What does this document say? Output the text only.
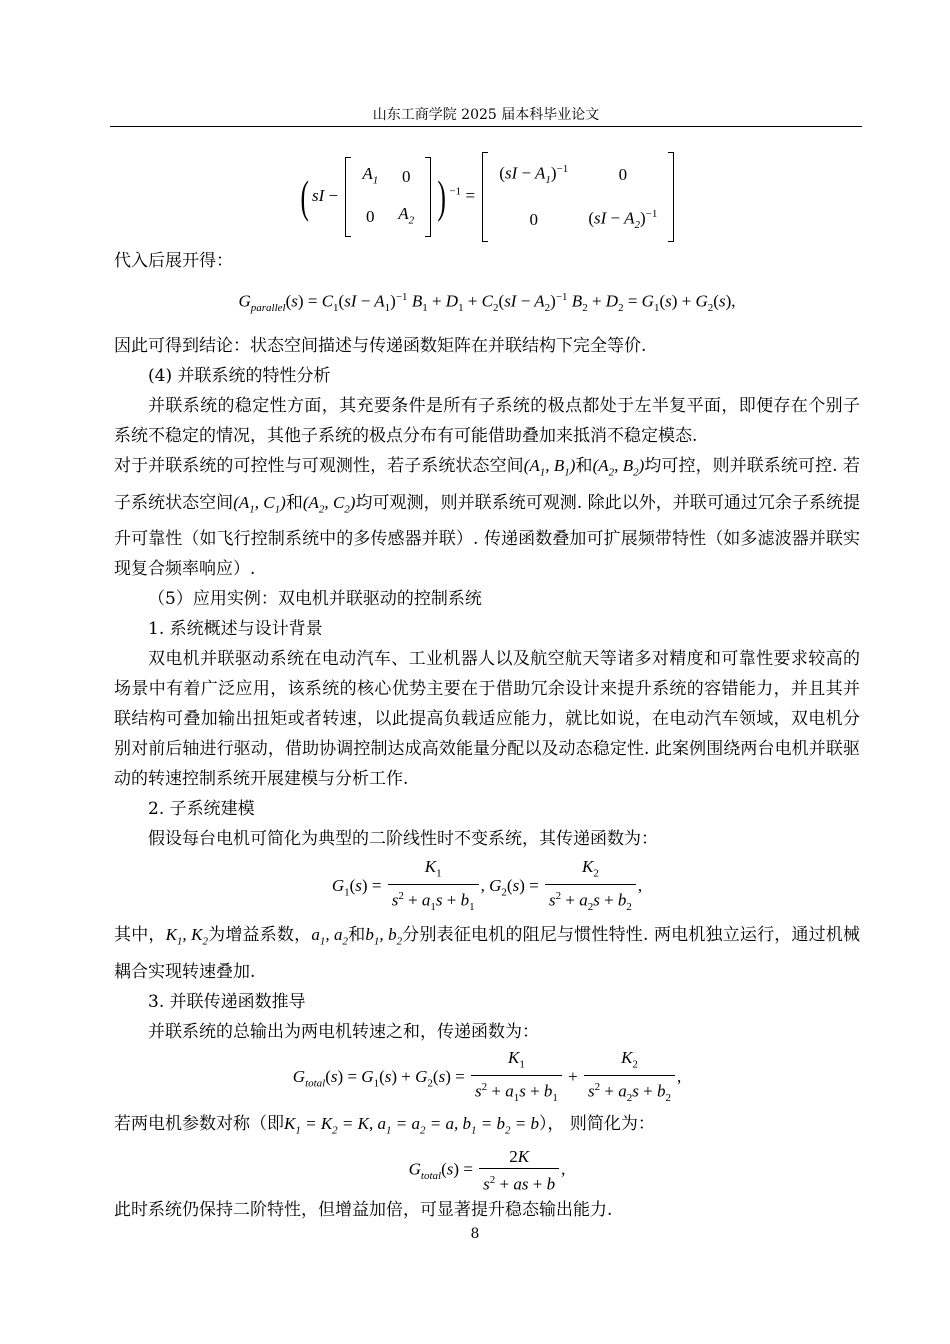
山东工商学院 2025 届本科毕业论文
( sI −
$A_1$	0
0	$A_2$ ) $^{-1}$ =
$(sI - A_1)^{-1}$	0
0	$(sI - A_2)^{-1}$

代入后展开得：

$G_{parallel}(s) = C_1(sI - A_1)^{-1}$ $B_1 + D_1 + C_2(sI - A_2)^{-1}$ $B_2 + D_2 = G_1(s) + G_2(s)$,

因此可得到结论：状态空间描述与传递函数矩阵在并联结构下完全等价.

(4) 并联系统的特性分析

并联系统的稳定性方面，其充要条件是所有子系统的极点都处于左半复平面，即便存在个别子系统不稳定的情况，其他子系统的极点分布有可能借助叠加来抵消不稳定模态.

对于并联系统的可控性与可观测性，若子系统状态空间($A_1$, $B_1$)和($A_2$, $B_2$)均可控，则并联系统可控. 若子系统状态空间($A_1$, $C_1$)和($A_2$, $C_2$)均可观测，则并联系统可观测. 除此以外，并联可通过冗余子系统提升可靠性（如飞行控制系统中的多传感器并联）. 传递函数叠加可扩展频带特性（如多滤波器并联实现复合频率响应）.

（5）应用实例：双电机并联驱动的控制系统

1. 系统概述与设计背景

双电机并联驱动系统在电动汽车、工业机器人以及航空航天等诸多对精度和可靠性要求较高的场景中有着广泛应用，该系统的核心优势主要在于借助冗余设计来提升系统的容错能力，并且其并联结构可叠加输出扭矩或者转速，以此提高负载适应能力，就比如说，在电动汽车领域，双电机分别对前后轴进行驱动，借助协调控制达成高效能量分配以及动态稳定性. 此案例围绕两台电机并联驱动的转速控制系统开展建模与分析工作.

2. 子系统建模

假设每台电机可简化为典型的二阶线性时不变系统，其传递函数为：

$G_1(s) = \frac{K_1}{s^2 + a_1s + b_1}$ , $G_2(s) = \frac{K_2}{s^2 + a_2s + b_2}$ ,

其中，$K_1$, $K_2$为增益系数，$a_1$, $a_2$和$b_1$, $b_2$分别表征电机的阻尼与惯性特性. 两电机独立运行，通过机械耦合实现转速叠加.

3. 并联传递函数推导

并联系统的总输出为两电机转速之和，传递函数为：

$G_{total}(s) = G_1(s) + G_2(s) = \frac{K_1}{s^2 + a_1s + b_1} + \frac{K_2}{s^2 + a_2s + b_2}$ ,

若两电机参数对称（即$K_1 = K_2 = K$, $a_1 = a_2 = a$, $b_1 = b_2 = b$）， 则简化为：

$G_{total}(s) = \frac{2K}{s^2 + as + b}$ ,

此时系统仍保持二阶特性，但增益加倍，可显著提升稳态输出能力.

8
